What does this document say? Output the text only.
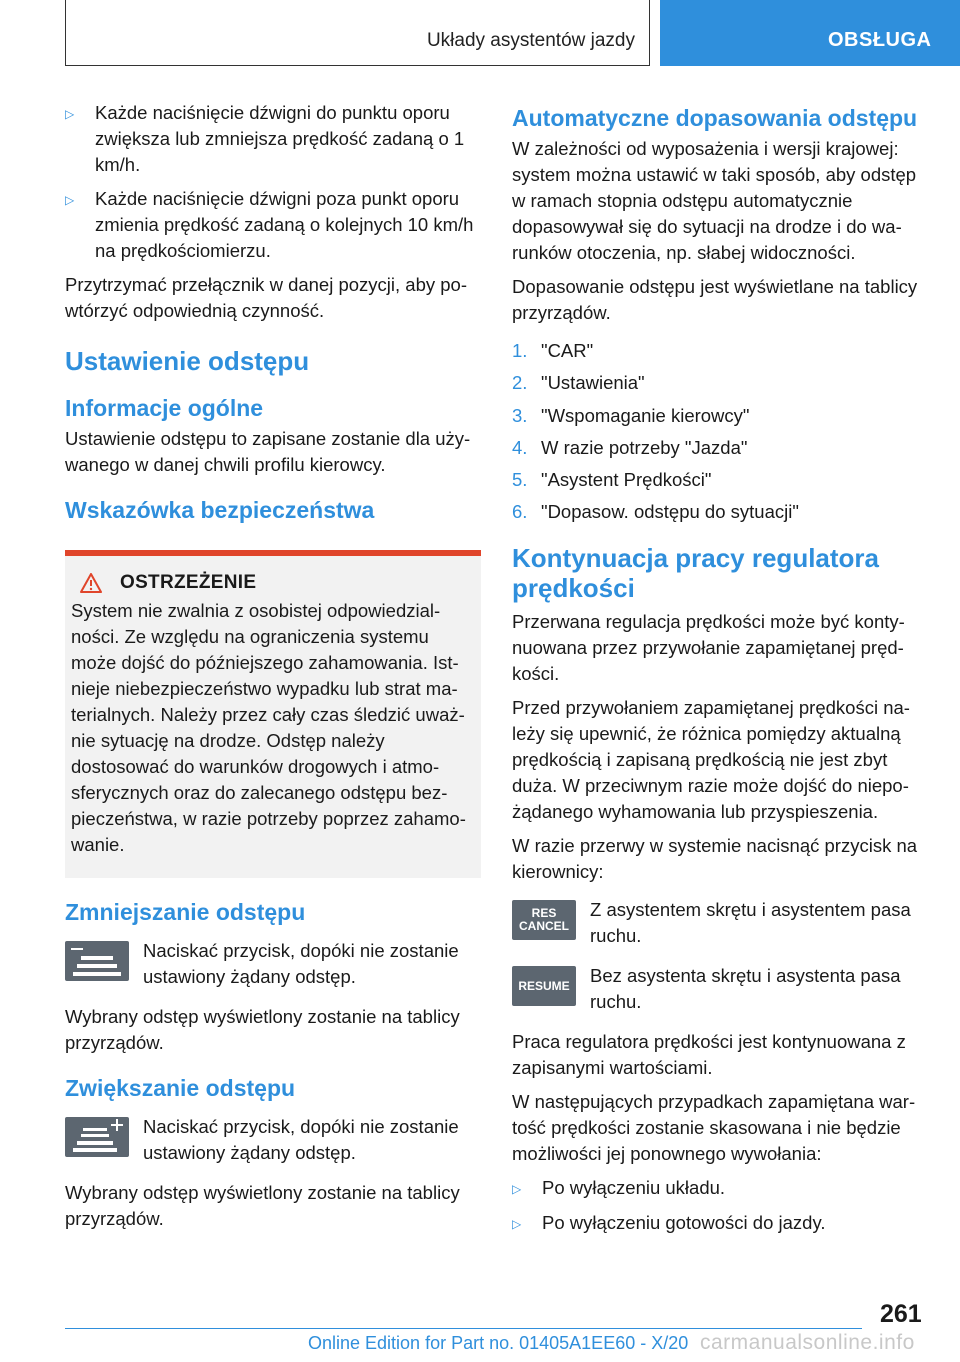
Układy asystentów jazdy	OBSŁUGA
▷	Każde naciśnięcie dźwigni do punktu oporu zwiększa lub zmniejsza prędkość zadaną o 1 km/h.
▷	Każde naciśnięcie dźwigni poza punkt oporu zmienia prędkość zadaną o kolejnych 10 km/h na prędkościomierzu.

Przytrzymać przełącznik w danej pozycji, aby powtórzyć odpowiednią czynność.

Ustawienie odstępu
Informacje ogólne

Ustawienie odstępu to zapisane zostanie dla używanego w danej chwili profilu kierowcy.

Wskazówka bezpieczeństwa
OSTRZEŻENIE

System nie zwalnia z osobistej odpowiedzialności. Ze względu na ograniczenia systemu może dojść do późniejszego zahamowania. Istnieje niebezpieczeństwo wypadku lub strat materialnych. Należy przez cały czas śledzić uważnie sytuację na drodze. Odstęp należy dostosować do warunków drogowych i atmosferycznych oraz do zalecanego odstępu bezpieczeństwa, w razie potrzeby poprzez zahamowanie.

Zmniejszanie odstępu

Naciskać przycisk, dopóki nie zostanie ustawiony żądany odstęp.

Wybrany odstęp wyświetlony zostanie na tablicy przyrządów.

Zwiększanie odstępu

Naciskać przycisk, dopóki nie zostanie ustawiony żądany odstęp.

Wybrany odstęp wyświetlony zostanie na tablicy przyrządów.

Automatyczne dopasowania odstępu

W zależności od wyposażenia i wersji krajowej: system można ustawić w taki sposób, aby odstęp w ramach stopnia odstępu automatycznie dopasowywał się do sytuacji na drodze i do warunków otoczenia, np. słabej widoczności.

Dopasowanie odstępu jest wyświetlane na tablicy przyrządów.

1. "CAR"
2. "Ustawienia"
3. "Wspomaganie kierowcy"
4. W razie potrzeby "Jazda"
5. "Asystent Prędkości"
6. "Dopasow. odstępu do sytuacji"
Kontynuacja pracy regulatora prędkości

Przerwana regulacja prędkości może być kontynuowana przez przywołanie zapamiętanej prędkości.

Przed przywołaniem zapamiętanej prędkości należy się upewnić, że różnica pomiędzy aktualną prędkością i zapisaną prędkością nie jest zbyt duża. W przeciwnym razie może dojść do niepożądanego wyhamowania lub przyspieszenia.

W razie przerwy w systemie nacisnąć przycisk na kierownicy:

RES
CANCEL

Z asystentem skrętu i asystentem pasa ruchu.

RESUME Bez asystenta skrętu i asystenta pasa ruchu.

Praca regulatora prędkości jest kontynuowana z zapisanymi wartościami.

W następujących przypadkach zapamiętana wartość prędkości zostanie skasowana i nie będzie możliwości jej ponownego wywołania:

▷	Po wyłączeniu układu.
▷	Po wyłączeniu gotowości do jazdy.
261
carmanualsonline.info
Online Edition for Part no. 01405A1EE60 - X/20
